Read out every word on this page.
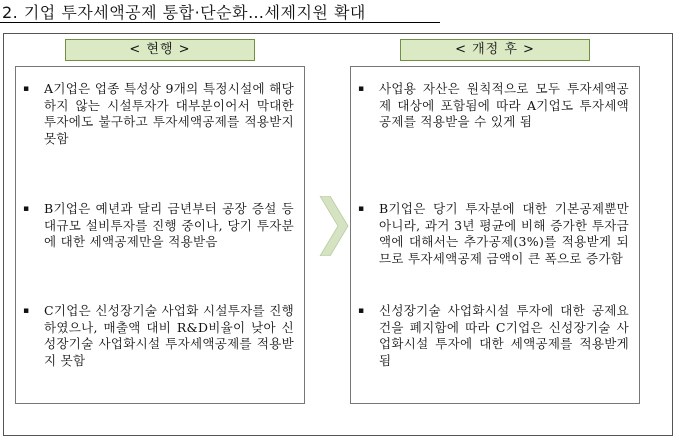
2. 기업 투자세액공제 통합·단순화…세제지원 확대
< 현행 >
▪ A기업은 업종 특성상 9개의 특정시설에 해당하지 않는 시설투자가 대부분이어서 막대한 투자에도 불구하고 투자세액공제를 적용받지 못함
▪ B기업은 예년과 달리 금년부터 공장 증설 등 대규모 설비투자를 진행 중이나, 당기 투자분에 대한 세액공제만을 적용받음
▪ C기업은 신성장기술 사업화 시설투자를 진행하였으나, 매출액 대비 R&D비율이 낮아 신성장기술 사업화시설 투자세액공제를 적용받지 못함
< 개정 후 >
▪ 사업용 자산은 원칙적으로 모두 투자세액공제 대상에 포함됨에 따라 A기업도 투자세액공제를 적용받을 수 있게 됨
▪ B기업은 당기 투자분에 대한 기본공제뿐만 아니라, 과거 3년 평균에 비해 증가한 투자금액에 대해서는 추가공제(3%)를 적용받게 되므로 투자세액공제 금액이 큰 폭으로 증가함
▪ 신성장기술 사업화시설 투자에 대한 공제요건을 폐지함에 따라 C기업은 신성장기술 사업화시설 투자에 대한 세액공제를 적용받게 됨
